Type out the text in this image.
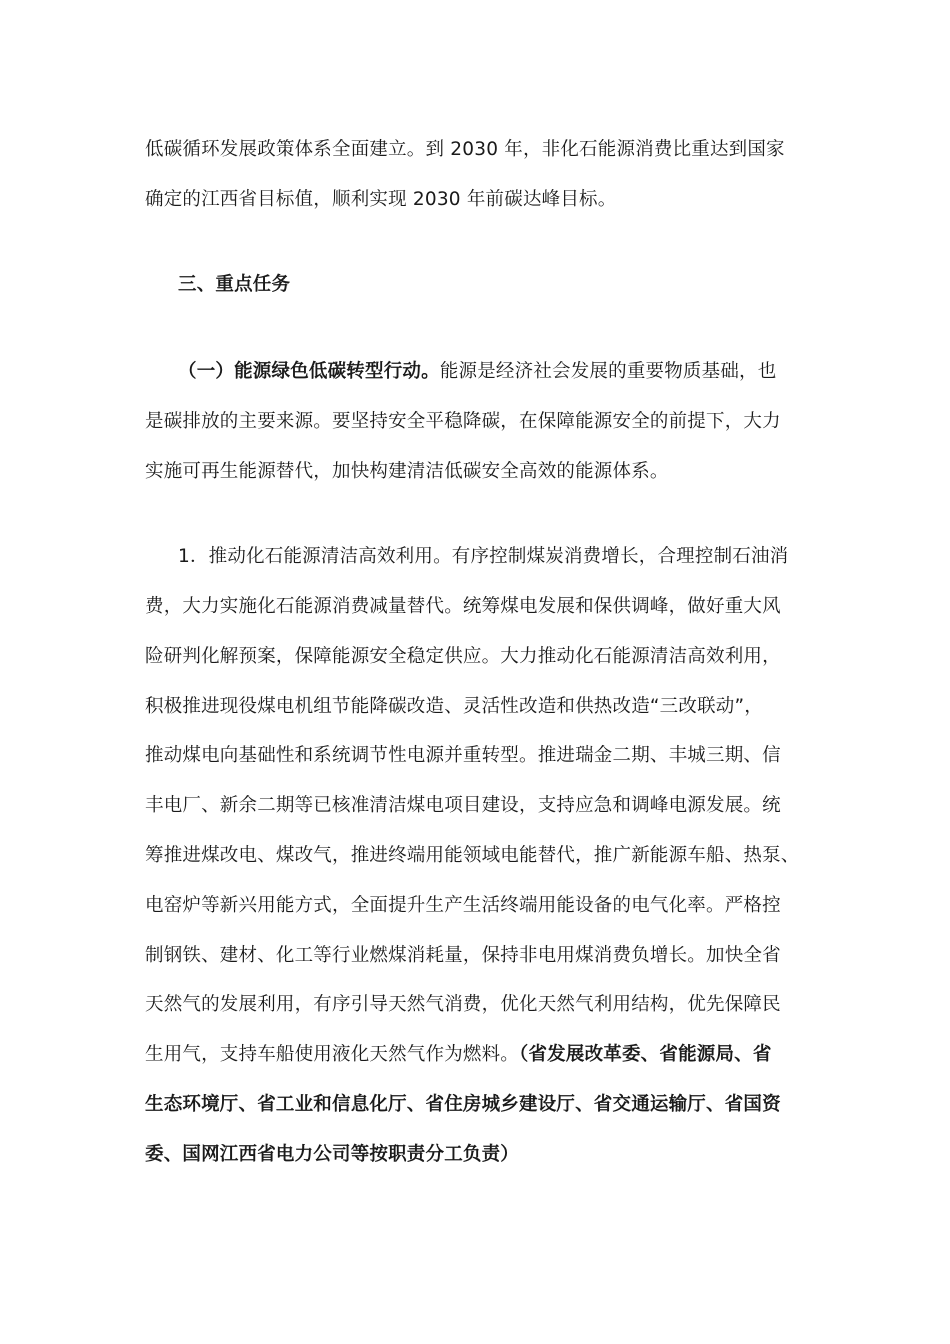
低碳循环发展政策体系全面建立。到 2030 年，非化石能源消费比重达到国家
确定的江西省目标值，顺利实现 2030 年前碳达峰目标。
三、重点任务
（一）能源绿色低碳转型行动。能源是经济社会发展的重要物质基础，也
是碳排放的主要来源。要坚持安全平稳降碳，在保障能源安全的前提下，大力
实施可再生能源替代，加快构建清洁低碳安全高效的能源体系。
1．推动化石能源清洁高效利用。有序控制煤炭消费增长，合理控制石油消
费，大力实施化石能源消费减量替代。统筹煤电发展和保供调峰，做好重大风
险研判化解预案，保障能源安全稳定供应。大力推动化石能源清洁高效利用，
积极推进现役煤电机组节能降碳改造、灵活性改造和供热改造“三改联动”，
推动煤电向基础性和系统调节性电源并重转型。推进瑞金二期、丰城三期、信
丰电厂、新余二期等已核准清洁煤电项目建设，支持应急和调峰电源发展。统
筹推进煤改电、煤改气，推进终端用能领域电能替代，推广新能源车船、热泵、
电窑炉等新兴用能方式，全面提升生产生活终端用能设备的电气化率。严格控
制钢铁、建材、化工等行业燃煤消耗量，保持非电用煤消费负增长。加快全省
天然气的发展利用，有序引导天然气消费，优化天然气利用结构，优先保障民
生用气，支持车船使用液化天然气作为燃料。（省发展改革委、省能源局、省
生态环境厅、省工业和信息化厅、省住房城乡建设厅、省交通运输厅、省国资
委、国网江西省电力公司等按职责分工负责）
